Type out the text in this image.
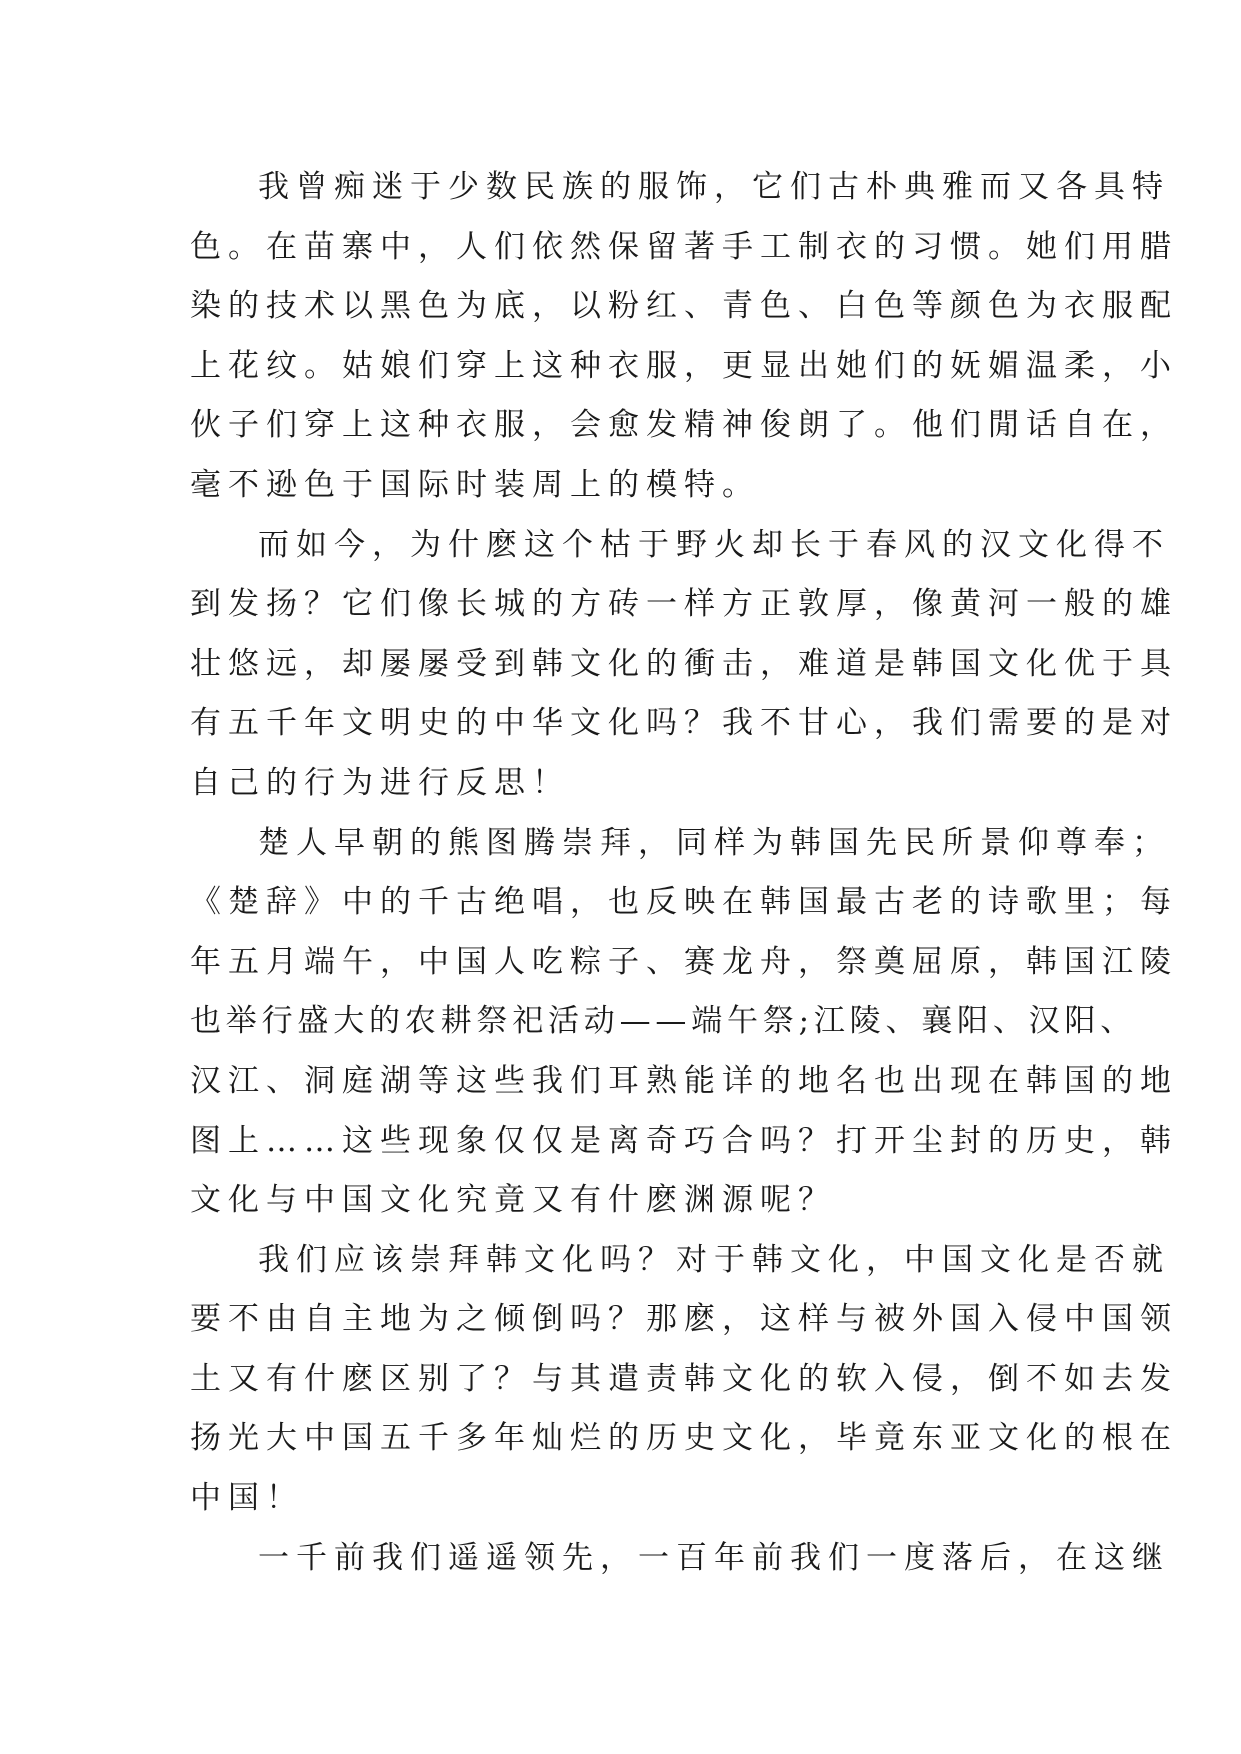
我曾痴迷于少数民族的服饰，它们古朴典雅而又各具特
色。在苗寨中，人们依然保留著手工制衣的习惯。她们用腊
染的技术以黑色为底，以粉红、青色、白色等颜色为衣服配
上花纹。姑娘们穿上这种衣服，更显出她们的妩媚温柔，小
伙子们穿上这种衣服，会愈发精神俊朗了。他们閒话自在，
毫不逊色于国际时装周上的模特。
而如今，为什麽这个枯于野火却长于春风的汉文化得不
到发扬？它们像长城的方砖一样方正敦厚，像黄河一般的雄
壮悠远，却屡屡受到韩文化的衝击，难道是韩国文化优于具
有五千年文明史的中华文化吗？我不甘心，我们需要的是对
自己的行为进行反思！
楚人早朝的熊图腾崇拜，同样为韩国先民所景仰尊奉；
《楚辞》中的千古绝唱，也反映在韩国最古老的诗歌里；每
年五月端午，中国人吃粽子、赛龙舟，祭奠屈原，韩国江陵
也举行盛大的农耕祭祀活动——端午祭;江陵、襄阳、汉阳、
汉江、洞庭湖等这些我们耳熟能详的地名也出现在韩国的地
图上……这些现象仅仅是离奇巧合吗？打开尘封的历史，韩
文化与中国文化究竟又有什麽渊源呢？
我们应该崇拜韩文化吗？对于韩文化，中国文化是否就
要不由自主地为之倾倒吗？那麽，这样与被外国入侵中国领
土又有什麽区别了？与其遣责韩文化的软入侵，倒不如去发
扬光大中国五千多年灿烂的历史文化，毕竟东亚文化的根在
中国！
一千前我们遥遥领先，一百年前我们一度落后，在这继
